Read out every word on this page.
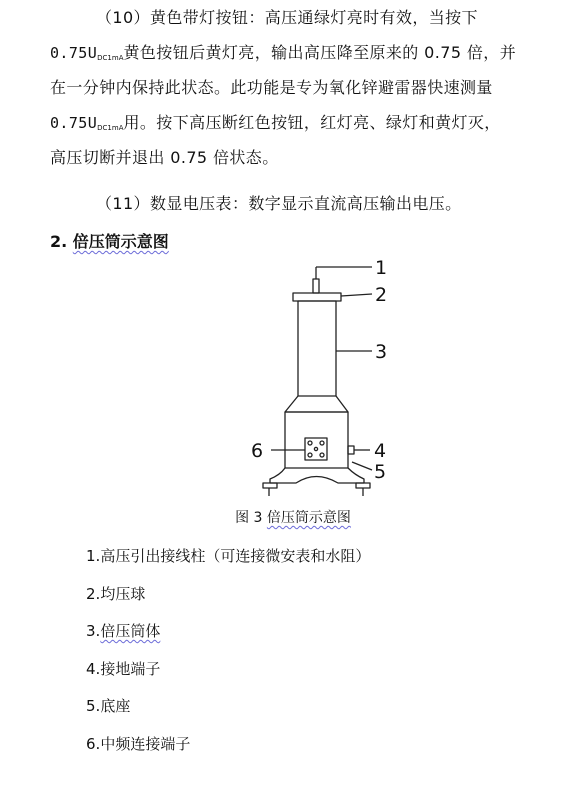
（10）黄色带灯按钮：高压通绿灯亮时有效，当按下
$0.75U_{DC1mA}$黄色按钮后黄灯亮，输出高压降至原来的 0.75 倍，并
在一分钟内保持此状态。此功能是专为氧化锌避雷器快速测量
$0.75U_{DC1mA}$用。按下高压断红色按钮，红灯亮、绿灯和黄灯灭，
高压切断并退出 0.75 倍状态。
（11）数显电压表：数字显示直流高压输出电压。
2. 倍压筒示意图
1
2
3
4
5
6
图 3 倍压筒示意图
1.高压引出接线柱（可连接微安表和水阻）
2.均压球
3.倍压筒体
4.接地端子
5.底座
6.中频连接端子
